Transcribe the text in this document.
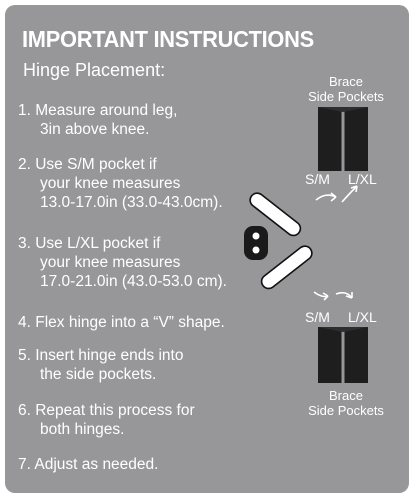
IMPORTANT INSTRUCTIONS
Hinge Placement:
1. Measure around leg,
3in above knee.
2. Use S/M pocket if
your knee measures
13.0-17.0in (33.0-43.0cm).
3. Use L/XL pocket if
your knee measures
17.0-21.0in (43.0-53.0 cm).
4. Flex hinge into a “V” shape.
5. Insert hinge ends into
the side pockets.
6. Repeat this process for
both hinges.
7. Adjust as needed.
Brace
Side Pockets
S/M L/XL
S/M L/XL
Brace
Side Pockets
